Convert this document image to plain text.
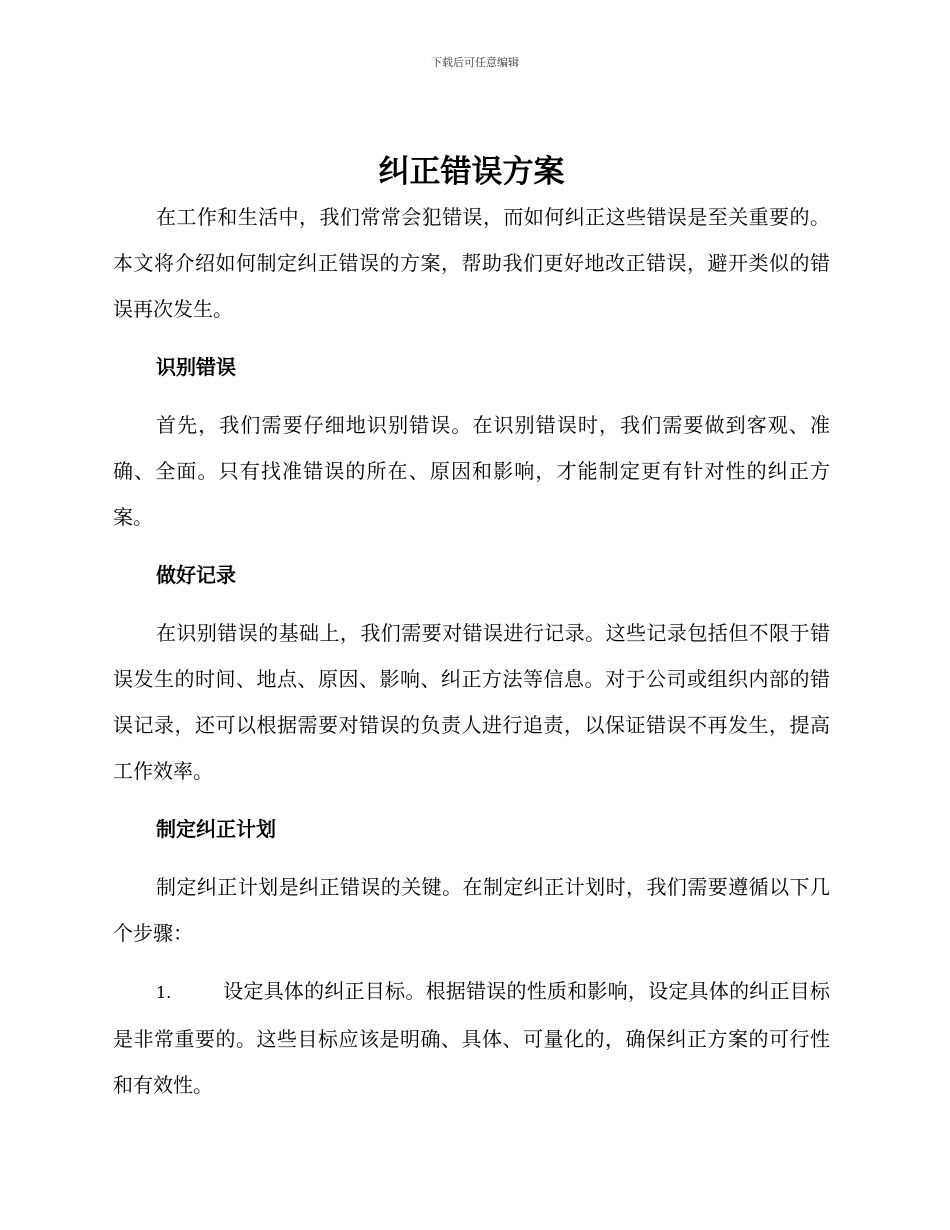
下载后可任意编辑
纠正错误方案

在工作和生活中，我们常常会犯错误，而如何纠正这些错误是至关重要的。本文将介绍如何制定纠正错误的方案，帮助我们更好地改正错误，避开类似的错误再次发生。

识别错误

首先，我们需要仔细地识别错误。在识别错误时，我们需要做到客观、准确、全面。只有找准错误的所在、原因和影响，才能制定更有针对性的纠正方案。

做好记录

在识别错误的基础上，我们需要对错误进行记录。这些记录包括但不限于错误发生的时间、地点、原因、影响、纠正方法等信息。对于公司或组织内部的错误记录，还可以根据需要对错误的负责人进行追责，以保证错误不再发生，提高工作效率。

制定纠正计划

制定纠正计划是纠正错误的关键。在制定纠正计划时，我们需要遵循以下几个步骤：

1.	设定具体的纠正目标。根据错误的性质和影响，设定具体的纠正目标是非常重要的。这些目标应该是明确、具体、可量化的，确保纠正方案的可行性和有效性。
